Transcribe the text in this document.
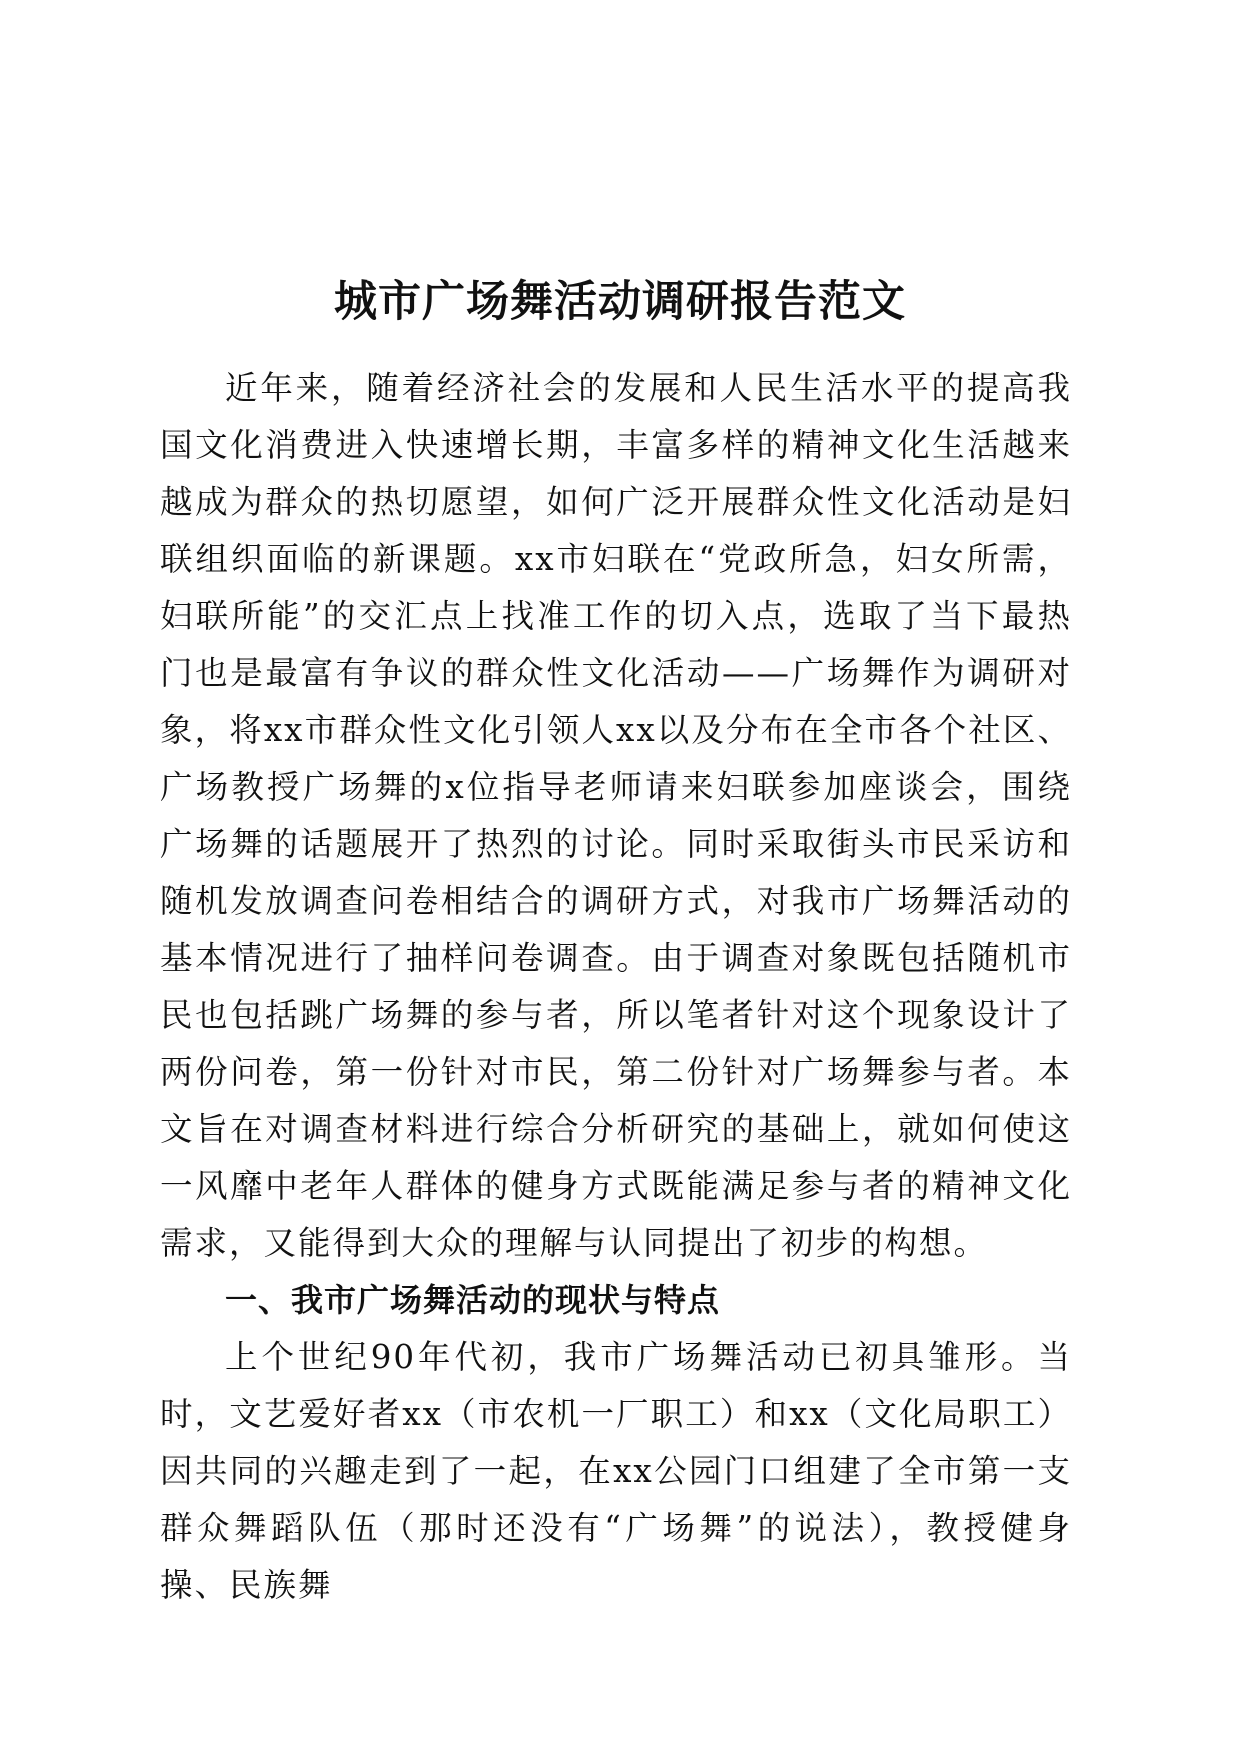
城市广场舞活动调研报告范文

近年来，随着经济社会的发展和人民生活水平的提高我国文化消费进入快速增长期，丰富多样的精神文化生活越来越成为群众的热切愿望，如何广泛开展群众性文化活动是妇联组织面临的新课题。xx市妇联在“党政所急，妇女所需，妇联所能”的交汇点上找准工作的切入点，选取了当下最热门也是最富有争议的群众性文化活动——广场舞作为调研对象，将xx市群众性文化引领人xx以及分布在全市各个社区、广场教授广场舞的x位指导老师请来妇联参加座谈会，围绕广场舞的话题展开了热烈的讨论。同时采取街头市民采访和随机发放调查问卷相结合的调研方式，对我市广场舞活动的基本情况进行了抽样问卷调查。由于调查对象既包括随机市民也包括跳广场舞的参与者，所以笔者针对这个现象设计了两份问卷，第一份针对市民，第二份针对广场舞参与者。本文旨在对调查材料进行综合分析研究的基础上，就如何使这一风靡中老年人群体的健身方式既能满足参与者的精神文化需求，又能得到大众的理解与认同提出了初步的构想。

一、我市广场舞活动的现状与特点

上个世纪90年代初，我市广场舞活动已初具雏形。当时，文艺爱好者xx（市农机一厂职工）和xx（文化局职工）因共同的兴趣走到了一起，在xx公园门口组建了全市第一支群众舞蹈队伍（那时还没有“广场舞”的说法），教授健身操、民族舞
